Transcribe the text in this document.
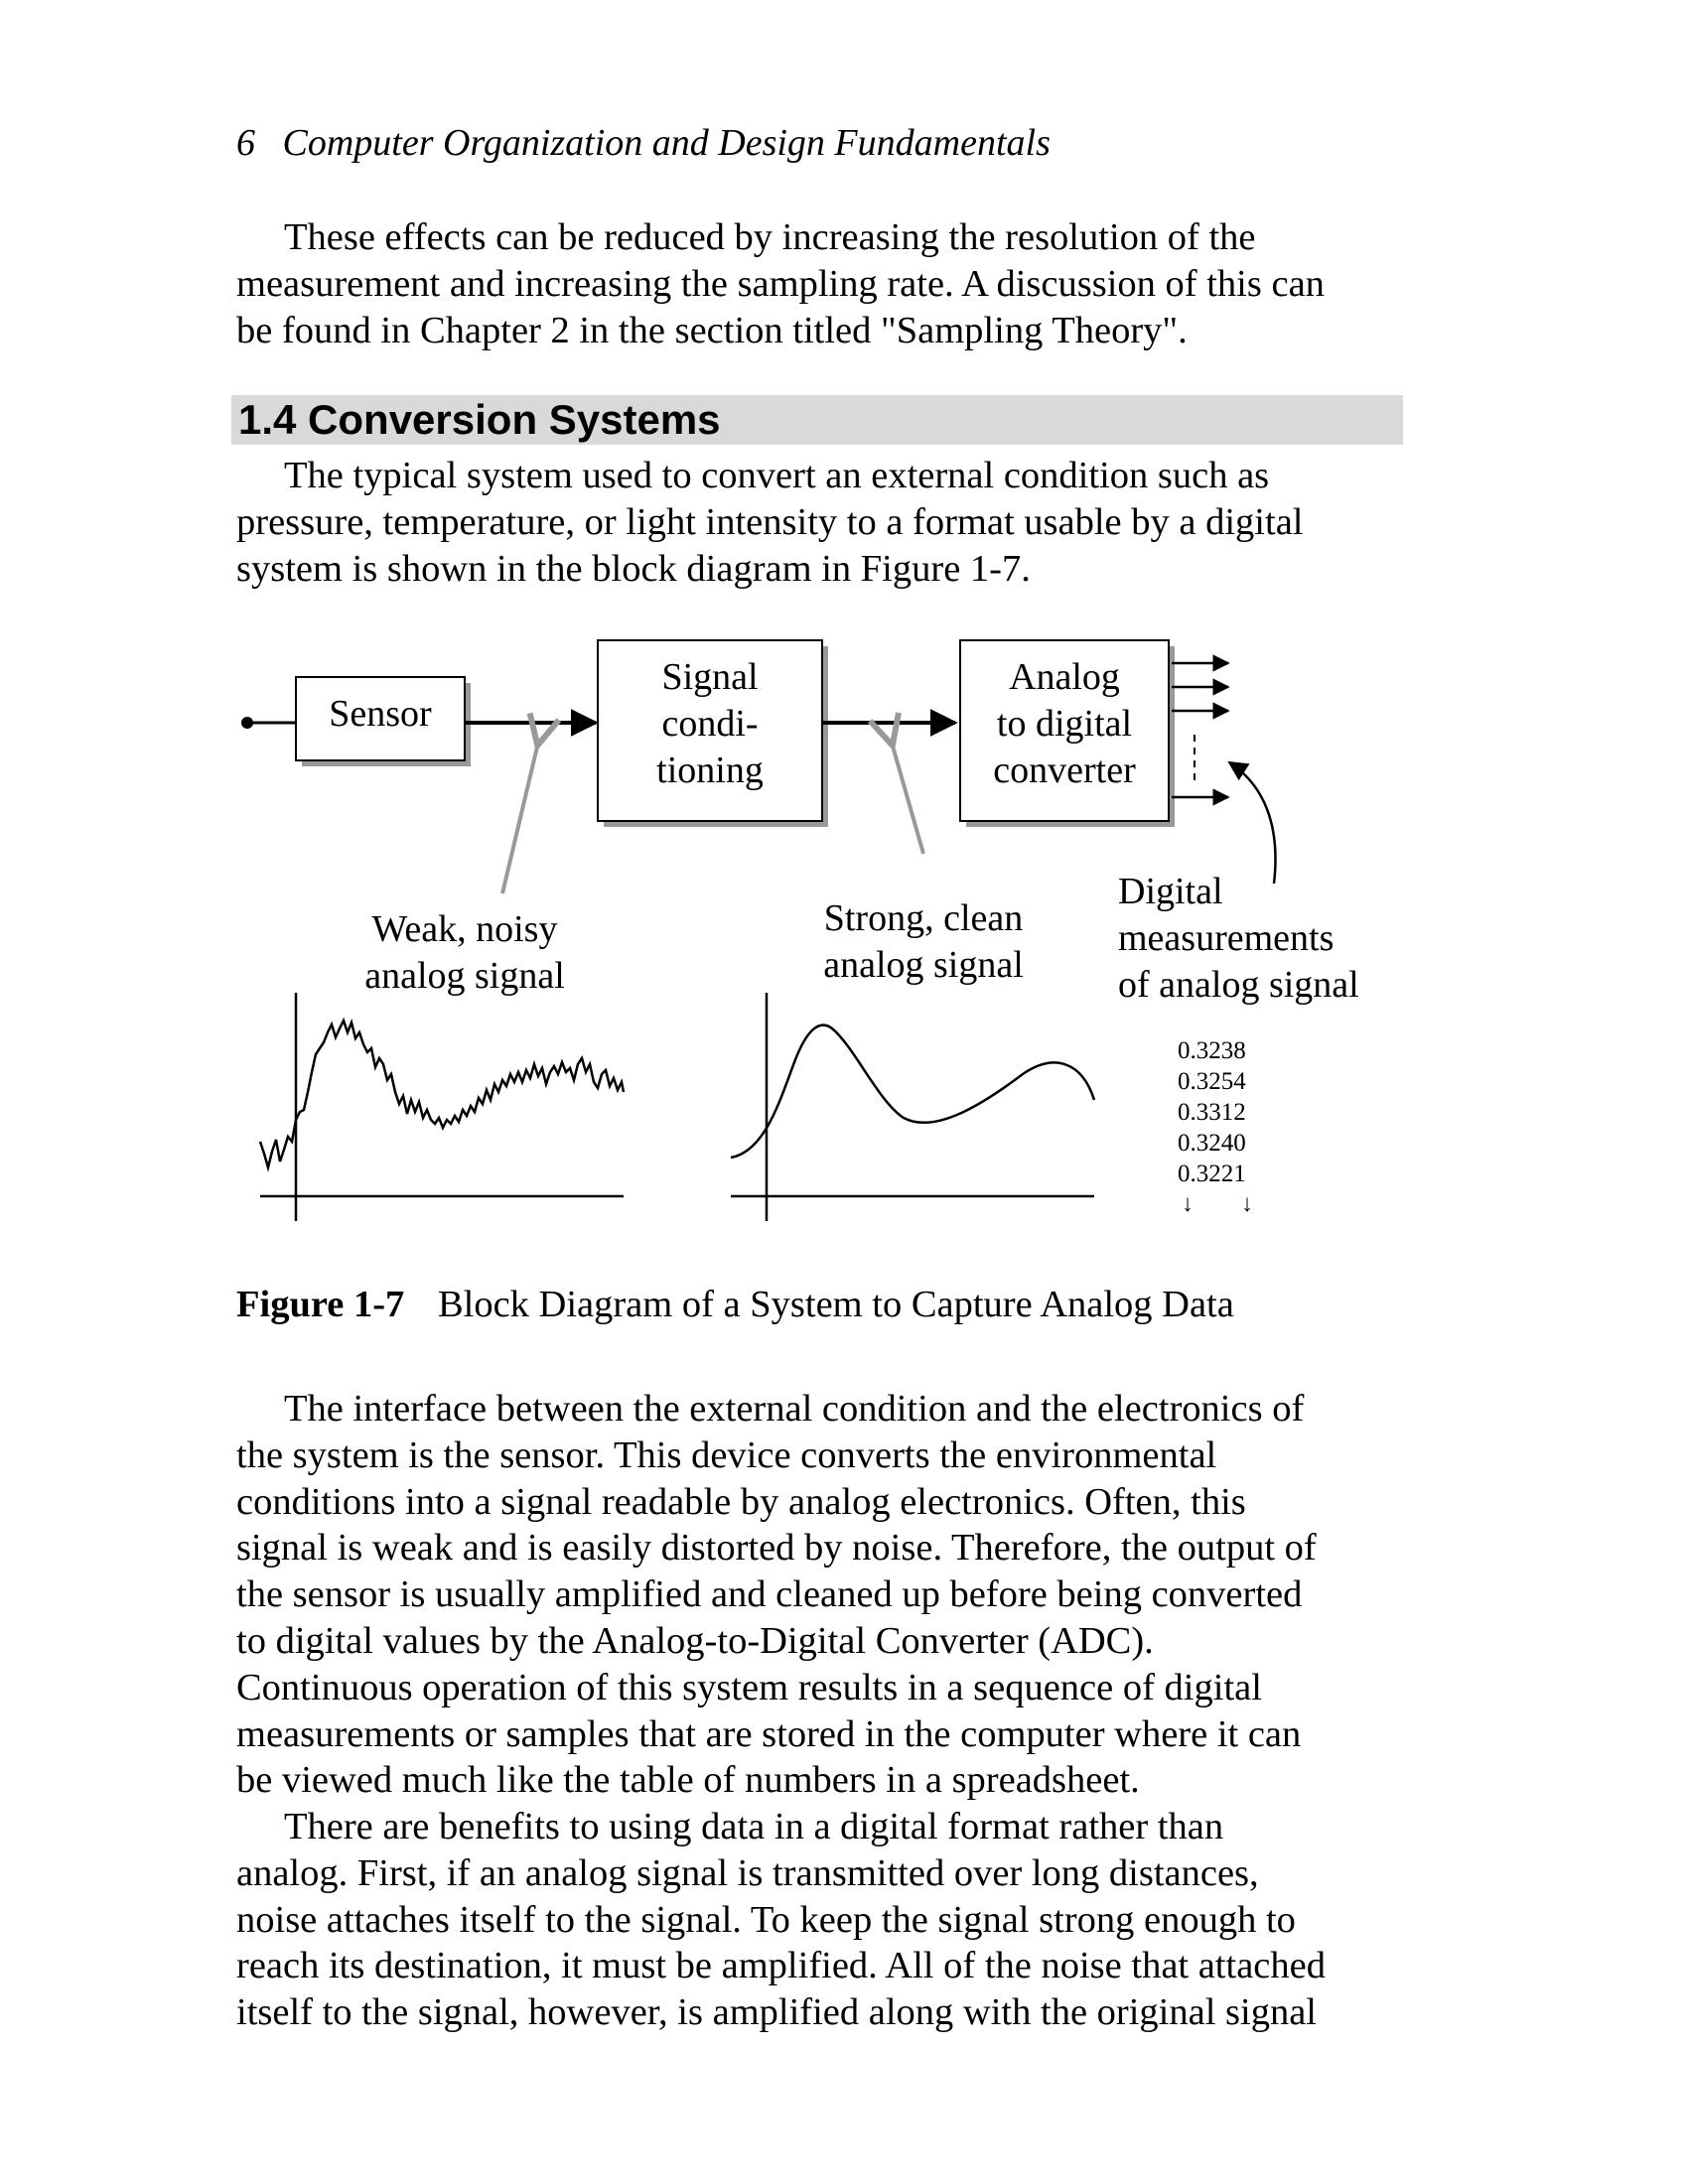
6 Computer Organization and Design Fundamentals

These effects can be reduced by increasing the resolution of the
measurement and increasing the sampling rate. A discussion of this can
be found in Chapter 2 in the section titled "Sampling Theory".

1.4 Conversion Systems

The typical system used to convert an external condition such as
pressure, temperature, or light intensity to a format usable by a digital
system is shown in the block diagram in Figure 1-7.

Sensor
Signal
condi-
tioning
Analog
to digital
converter
Weak, noisy
analog signal
Strong, clean
analog signal
Digital
measurements
of analog signal
0.3238
0.3254
0.3312
0.3240
0.3221
↓ ↓
Figure 1-7 Block Diagram of a System to Capture Analog Data

The interface between the external condition and the electronics of
the system is the sensor. This device converts the environmental
conditions into a signal readable by analog electronics. Often, this
signal is weak and is easily distorted by noise. Therefore, the output of
the sensor is usually amplified and cleaned up before being converted
to digital values by the Analog-to-Digital Converter (ADC).
Continuous operation of this system results in a sequence of digital
measurements or samples that are stored in the computer where it can
be viewed much like the table of numbers in a spreadsheet.

There are benefits to using data in a digital format rather than
analog. First, if an analog signal is transmitted over long distances,
noise attaches itself to the signal. To keep the signal strong enough to
reach its destination, it must be amplified. All of the noise that attached
itself to the signal, however, is amplified along with the original signal
